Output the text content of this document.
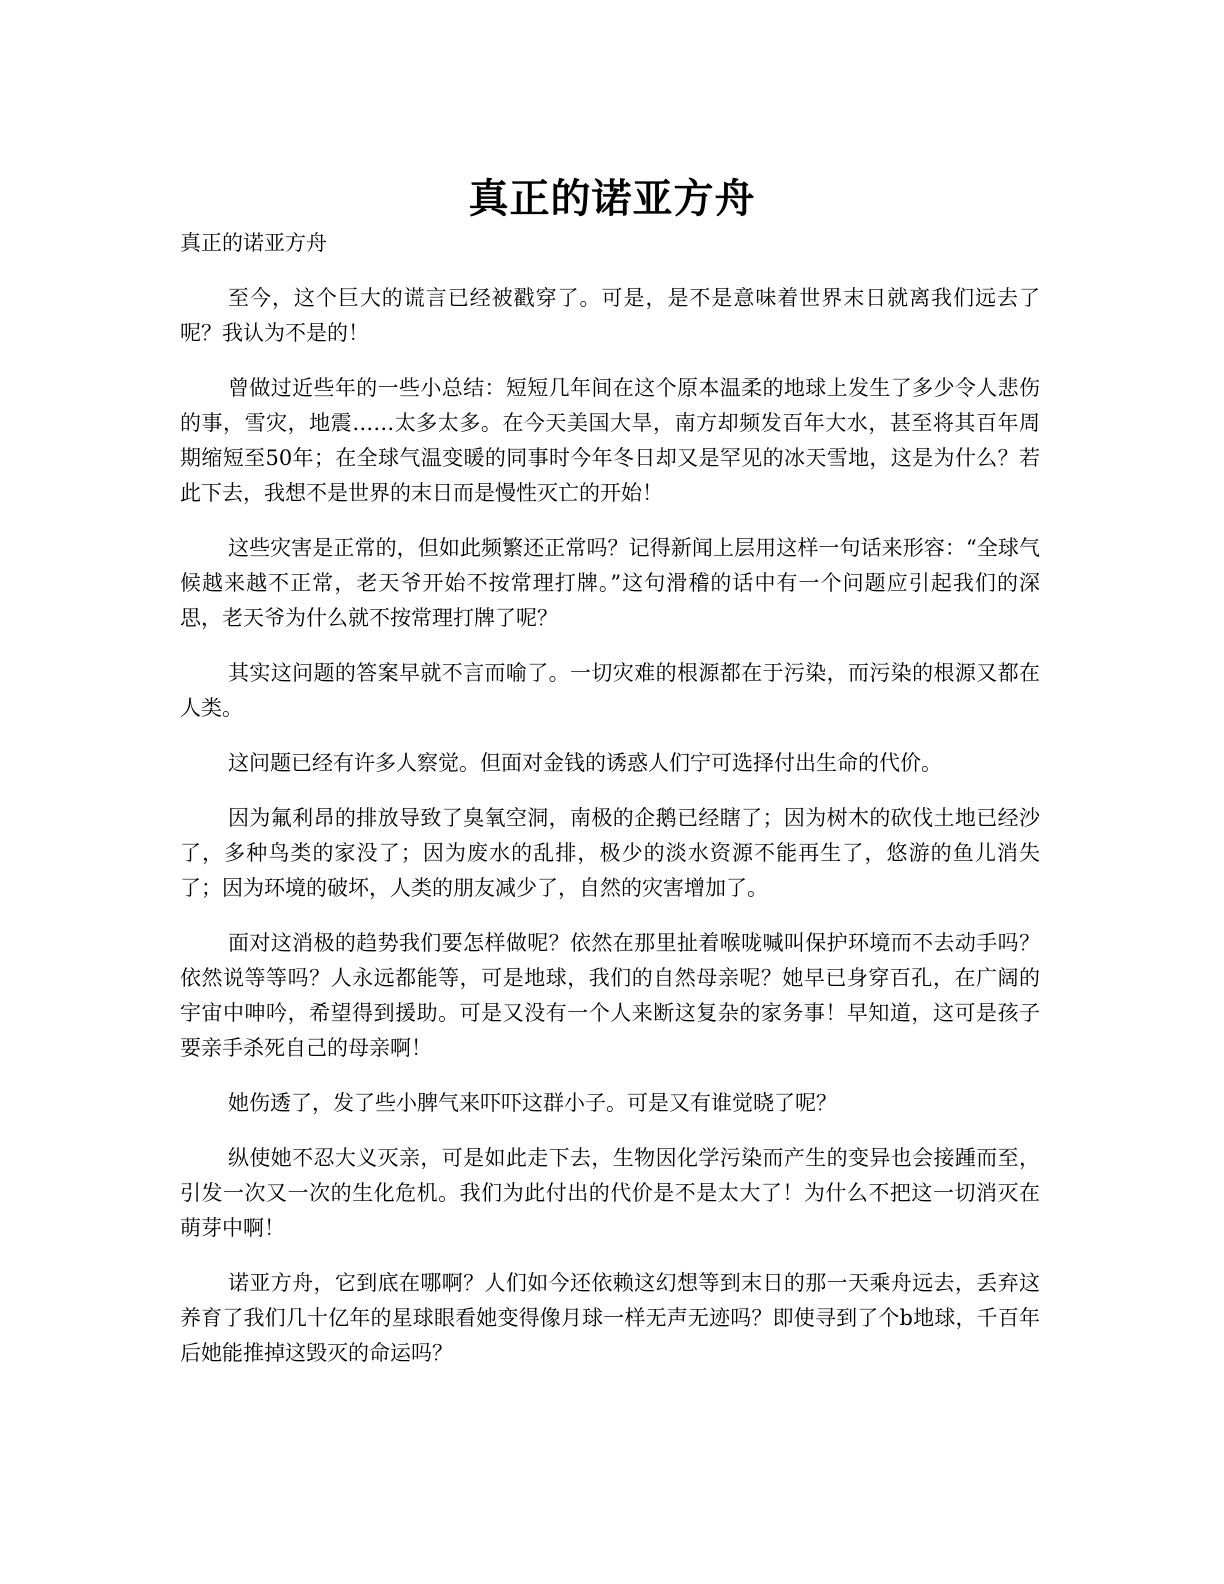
真正的诺亚方舟

真正的诺亚方舟

至今，这个巨大的谎言已经被戳穿了。可是，是不是意味着世界末日就离我们远去了呢？我认为不是的！

曾做过近些年的一些小总结：短短几年间在这个原本温柔的地球上发生了多少令人悲伤的事，雪灾，地震……太多太多。在今天美国大旱，南方却频发百年大水，甚至将其百年周期缩短至50年；在全球气温变暖的同事时今年冬日却又是罕见的冰天雪地，这是为什么？若此下去，我想不是世界的末日而是慢性灭亡的开始！

这些灾害是正常的，但如此频繁还正常吗？记得新闻上层用这样一句话来形容：“全球气候越来越不正常，老天爷开始不按常理打牌。”这句滑稽的话中有一个问题应引起我们的深思，老天爷为什么就不按常理打牌了呢？

其实这问题的答案早就不言而喻了。一切灾难的根源都在于污染，而污染的根源又都在人类。

这问题已经有许多人察觉。但面对金钱的诱惑人们宁可选择付出生命的代价。

因为氟利昂的排放导致了臭氧空洞，南极的企鹅已经瞎了；因为树木的砍伐土地已经沙了，多种鸟类的家没了；因为废水的乱排，极少的淡水资源不能再生了，悠游的鱼儿消失了；因为环境的破坏，人类的朋友减少了，自然的灾害增加了。

面对这消极的趋势我们要怎样做呢？依然在那里扯着喉咙喊叫保护环境而不去动手吗？依然说等等吗？人永远都能等，可是地球，我们的自然母亲呢？她早已身穿百孔，在广阔的宇宙中呻吟，希望得到援助。可是又没有一个人来断这复杂的家务事！早知道，这可是孩子要亲手杀死自己的母亲啊！

她伤透了，发了些小脾气来吓吓这群小子。可是又有谁觉晓了呢？

纵使她不忍大义灭亲，可是如此走下去，生物因化学污染而产生的变异也会接踵而至，引发一次又一次的生化危机。我们为此付出的代价是不是太大了！为什么不把这一切消灭在萌芽中啊！

诺亚方舟，它到底在哪啊？人们如今还依赖这幻想等到末日的那一天乘舟远去，丢弃这养育了我们几十亿年的星球眼看她变得像月球一样无声无迹吗？即使寻到了个b地球，千百年后她能推掉这毁灭的命运吗？
